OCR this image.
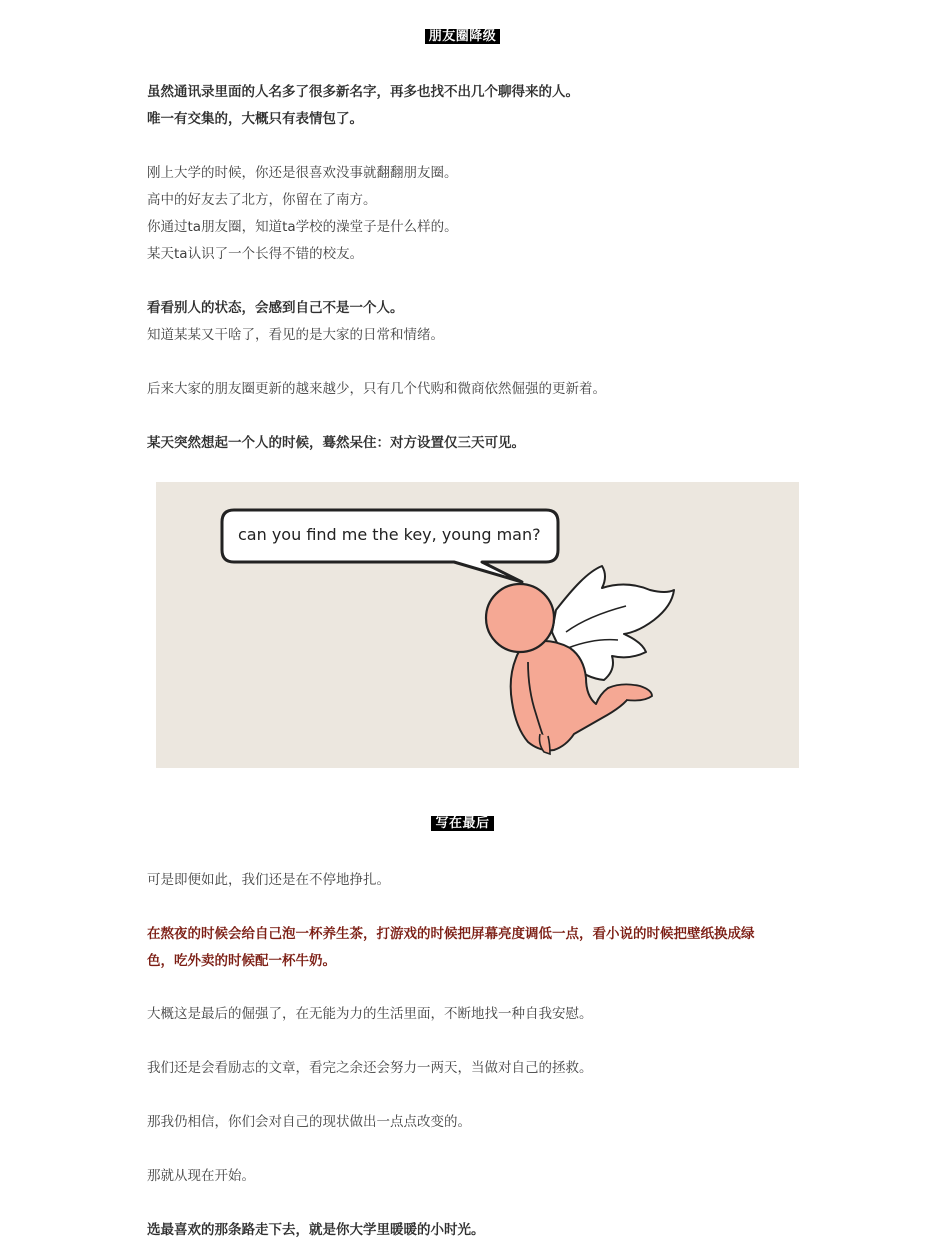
朋友圈降级
虽然通讯录里面的人名多了很多新名字，再多也找不出几个聊得来的人。
唯一有交集的，大概只有表情包了。
刚上大学的时候，你还是很喜欢没事就翻翻朋友圈。
高中的好友去了北方，你留在了南方。
你通过ta朋友圈，知道ta学校的澡堂子是什么样的。
某天ta认识了一个长得不错的校友。
看看别人的状态，会感到自己不是一个人。
知道某某又干啥了，看见的是大家的日常和情绪。
后来大家的朋友圈更新的越来越少，只有几个代购和微商依然倔强的更新着。
某天突然想起一个人的时候，蓦然呆住：对方设置仅三天可见。
can you find me the key, young man?
写在最后
可是即便如此，我们还是在不停地挣扎。
在熬夜的时候会给自己泡一杯养生茶，打游戏的时候把屏幕亮度调低一点，看小说的时候把壁纸换成绿
色，吃外卖的时候配一杯牛奶。
大概这是最后的倔强了，在无能为力的生活里面，不断地找一种自我安慰。
我们还是会看励志的文章，看完之余还会努力一两天，当做对自己的拯救。
那我仍相信，你们会对自己的现状做出一点点改变的。
那就从现在开始。
选最喜欢的那条路走下去，就是你大学里暖暖的小时光。
